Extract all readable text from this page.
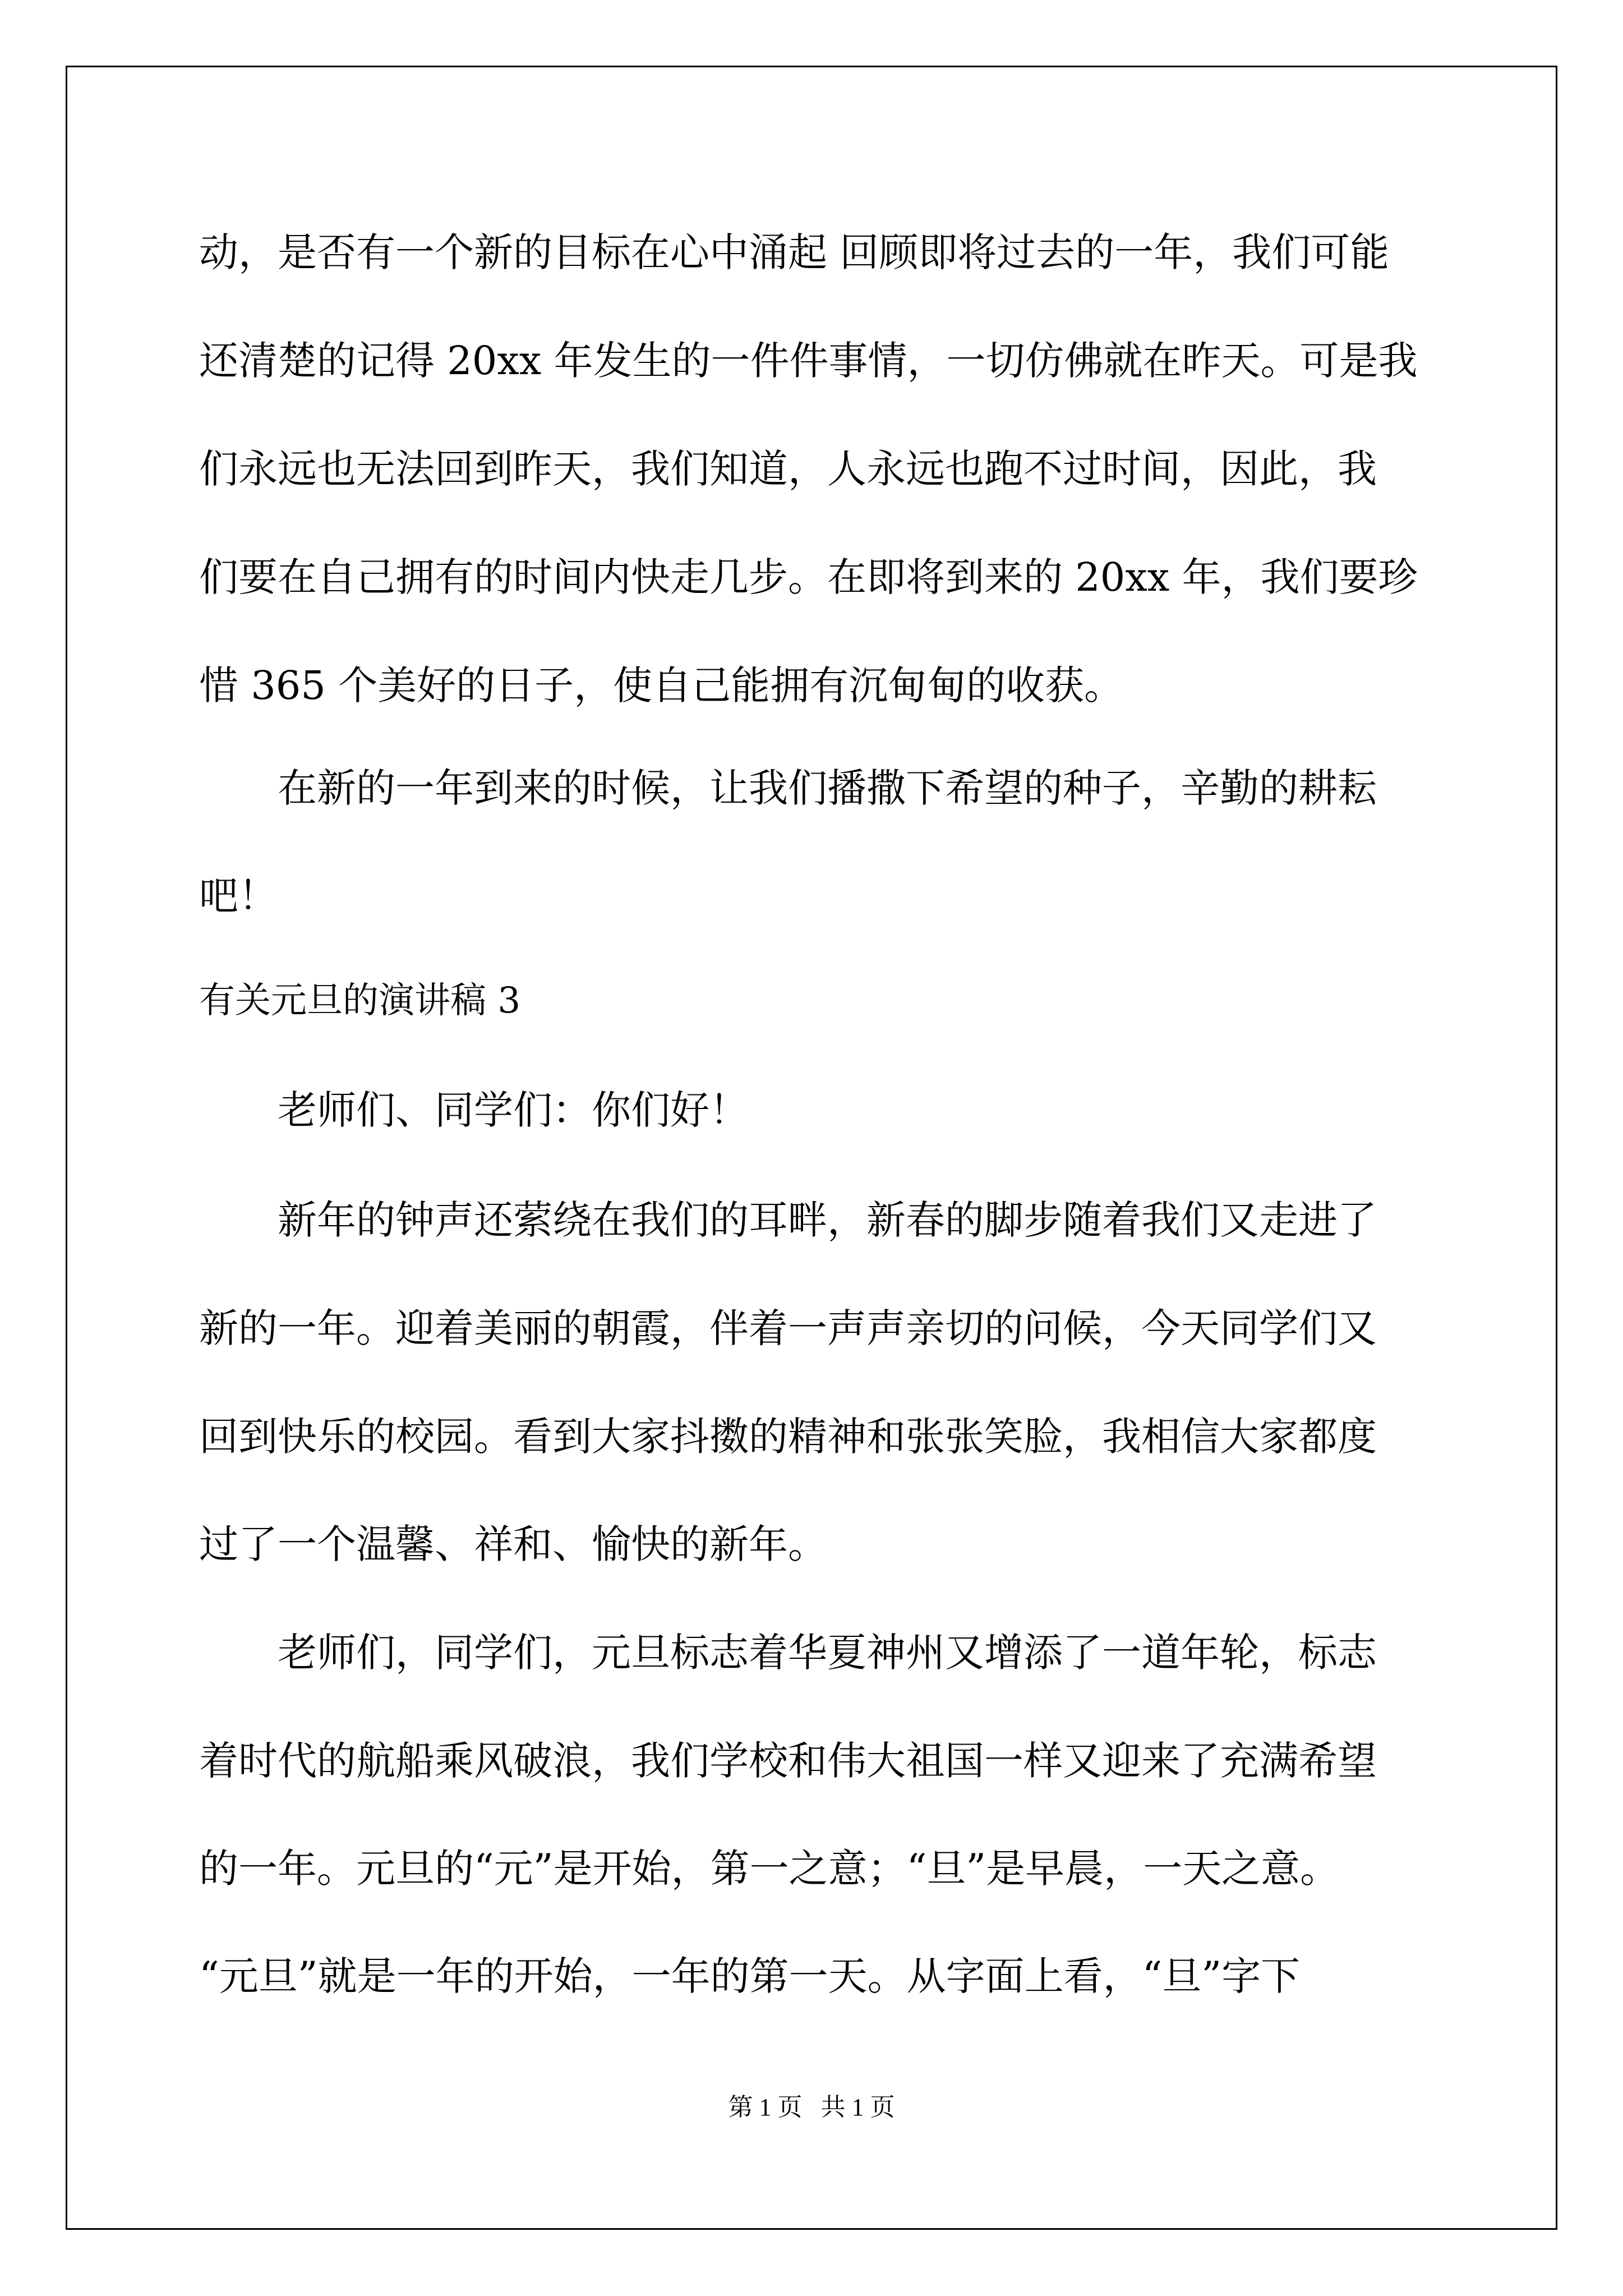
动，是否有一个新的目标在心中涌起 回顾即将过去的一年，我们可能
还清楚的记得 20xx 年发生的一件件事情，一切仿佛就在昨天。可是我
们永远也无法回到昨天，我们知道，人永远也跑不过时间，因此，我
们要在自己拥有的时间内快走几步。在即将到来的 20xx 年，我们要珍
惜 365 个美好的日子，使自己能拥有沉甸甸的收获。
在新的一年到来的时候，让我们播撒下希望的种子，辛勤的耕耘
吧！
有关元旦的演讲稿 3
老师们、同学们：你们好！
新年的钟声还萦绕在我们的耳畔，新春的脚步随着我们又走进了
新的一年。迎着美丽的朝霞，伴着一声声亲切的问候，今天同学们又
回到快乐的校园。看到大家抖擞的精神和张张笑脸，我相信大家都度
过了一个温馨、祥和、愉快的新年。
老师们，同学们，元旦标志着华夏神州又增添了一道年轮，标志
着时代的航船乘风破浪，我们学校和伟大祖国一样又迎来了充满希望
的一年。元旦的“元”是开始，第一之意；“旦”是早晨，一天之意。
“元旦”就是一年的开始，一年的第一天。从字面上看，“旦”字下
第 1 页   共 1 页
